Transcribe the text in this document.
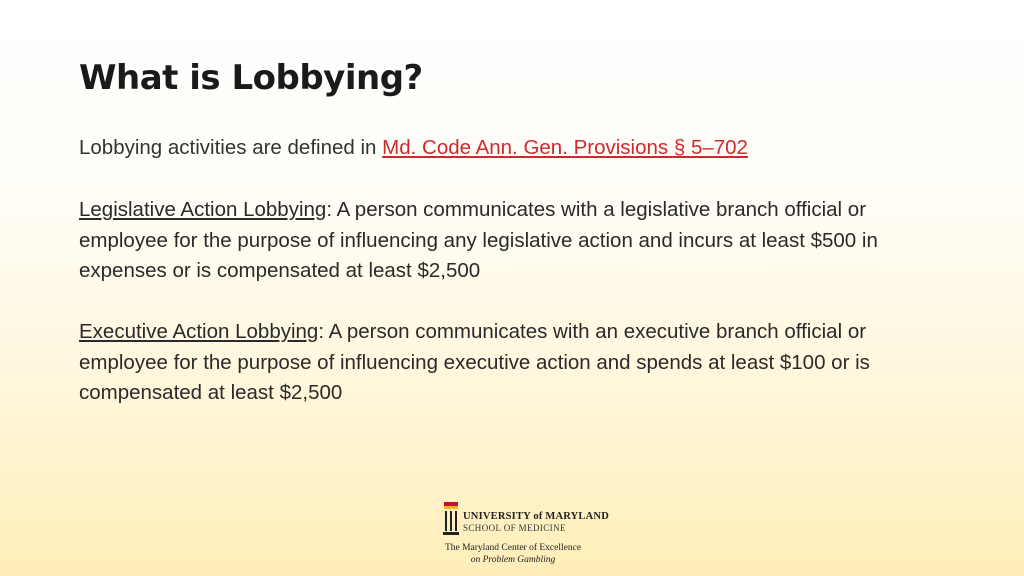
What is Lobbying?

Lobbying activities are defined in Md. Code Ann. Gen. Provisions § 5–702

Legislative Action Lobbying: A person communicates with a legislative branch official or employee for the purpose of influencing any legislative action and incurs at least $500 in expenses or is compensated at least $2,500

Executive Action Lobbying: A person communicates with an executive branch official or employee for the purpose of influencing executive action and spends at least $100 or is compensated at least $2,500

UNIVERSITY of MARYLAND
SCHOOL OF MEDICINE
The Maryland Center of Excellence
on Problem Gambling
